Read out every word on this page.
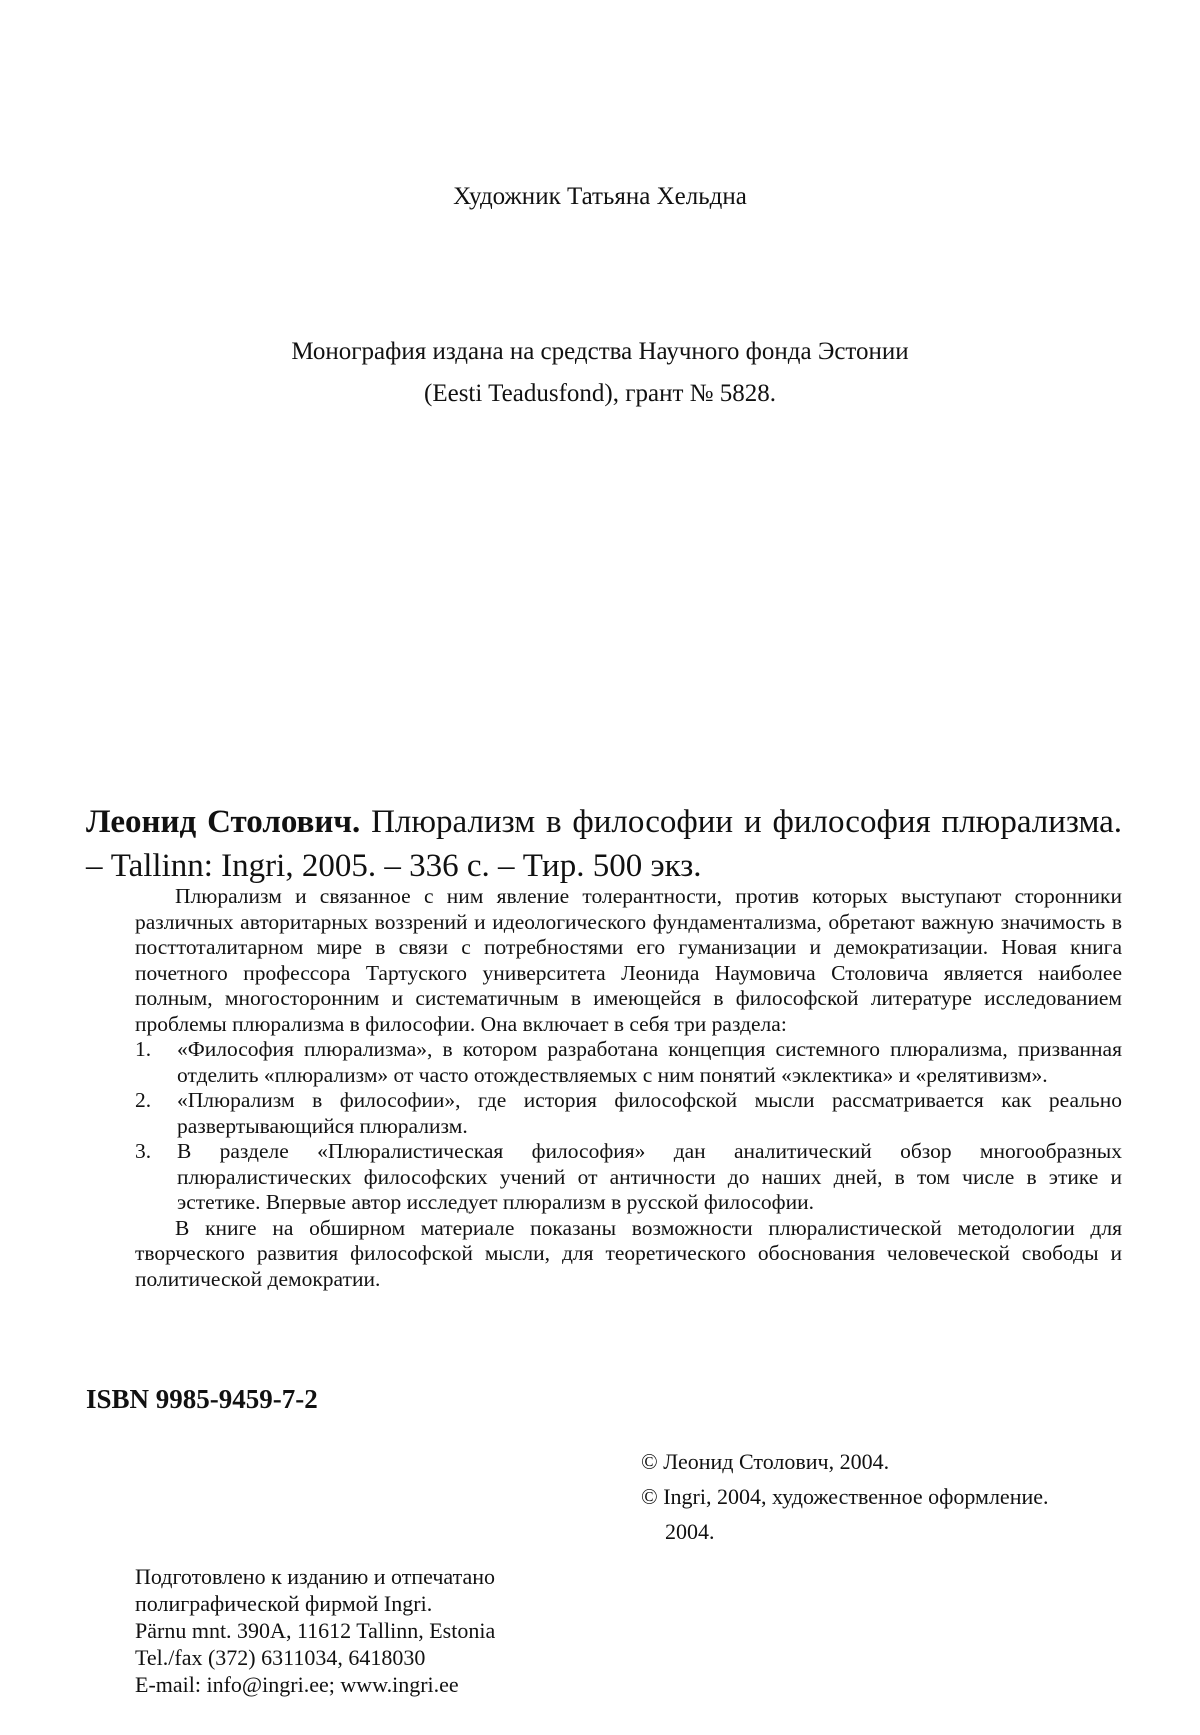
Художник Татьяна Хельдна
Монография издана на средства Научного фонда Эстонии
(Eesti Teadusfond), грант № 5828.
Леонид Столович. Плюрализм в философии и философия плюрализма. – Tallinn: Ingri, 2005. – 336 с. – Тир. 500 экз.

Плюрализм и связанное с ним явление толерантности, против которых выступают сторонники различных авторитарных воззрений и идеологического фундаментализма, обретают важную значимость в посттоталитарном мире в связи с потребностями его гуманизации и демократизации. Новая книга почетного профессора Тартуского университета Леонида Наумовича Столовича является наиболее полным, многосторонним и систематичным в имеющейся в философской литературе исследованием проблемы плюрализма в философии. Она включает в себя три раздела:

1. «Философия плюрализма», в котором разработана концепция системного плюрализма, призванная отделить «плюрализм» от часто отождествляемых с ним понятий «эклектика» и «релятивизм».
2. «Плюрализм в философии», где история философской мысли рассматривается как реально развертывающийся плюрализм.
3. В разделе «Плюралистическая философия» дан аналитический обзор многообразных плюралистических философских учений от античности до наших дней, в том числе в этике и эстетике. Впервые автор исследует плюрализм в русской философии.

В книге на обширном материале показаны возможности плюралистической методологии для творческого развития философской мысли, для теоретического обоснования человеческой свободы и политической демократии.

ISBN 9985-9459-7-2
© Леонид Столович, 2004.
© Ingri, 2004, художественное оформление.
2004.
Подготовлено к изданию и отпечатано
полиграфической фирмой Ingri.
Pärnu mnt. 390A, 11612 Tallinn, Estonia
Tel./fax (372) 6311034, 6418030
E-mail: info@ingri.ee; www.ingri.ee
